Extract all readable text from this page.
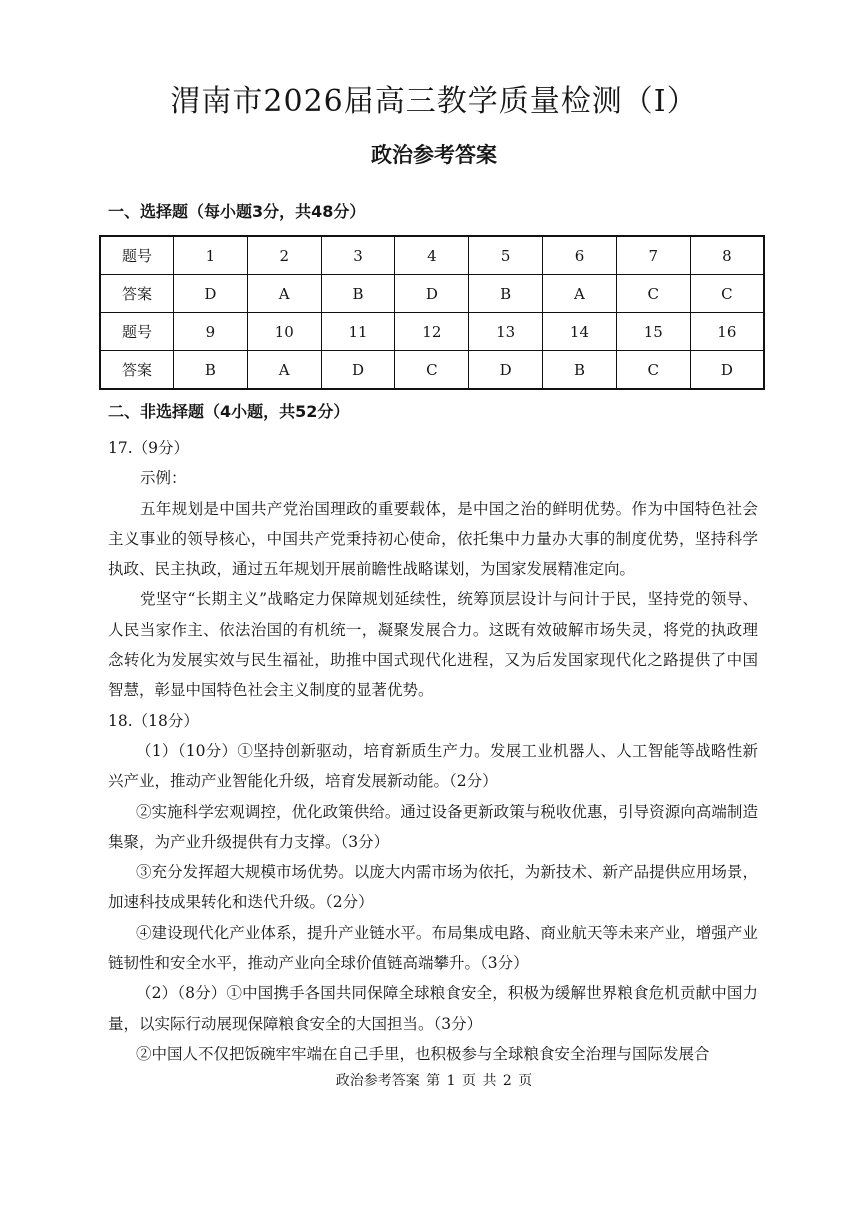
渭南市2026届高三教学质量检测（Ⅰ）
政治参考答案
一、选择题（每小题3分，共48分）
题号	1	2	3	4	5	6	7	8
答案	D	A	B	D	B	A	C	C
题号	9	10	11	12	13	14	15	16
答案	B	A	D	C	D	B	C	D
二、非选择题（4小题，共52分）

17.（9分）

示例：

五年规划是中国共产党治国理政的重要载体，是中国之治的鲜明优势。作为中国特色社会主义事业的领导核心，中国共产党秉持初心使命，依托集中力量办大事的制度优势，坚持科学执政、民主执政，通过五年规划开展前瞻性战略谋划，为国家发展精准定向。

党坚守“长期主义”战略定力保障规划延续性，统筹顶层设计与问计于民，坚持党的领导、人民当家作主、依法治国的有机统一，凝聚发展合力。这既有效破解市场失灵，将党的执政理念转化为发展实效与民生福祉，助推中国式现代化进程，又为后发国家现代化之路提供了中国智慧，彰显中国特色社会主义制度的显著优势。

18.（18分）

（1）（10分）①坚持创新驱动，培育新质生产力。发展工业机器人、人工智能等战略性新兴产业，推动产业智能化升级，培育发展新动能。（2分）

②实施科学宏观调控，优化政策供给。通过设备更新政策与税收优惠，引导资源向高端制造集聚，为产业升级提供有力支撑。（3分）

③充分发挥超大规模市场优势。以庞大内需市场为依托，为新技术、新产品提供应用场景，加速科技成果转化和迭代升级。（2分）

④建设现代化产业体系，提升产业链水平。布局集成电路、商业航天等未来产业，增强产业链韧性和安全水平，推动产业向全球价值链高端攀升。（3分）

（2）（8分）①中国携手各国共同保障全球粮食安全，积极为缓解世界粮食危机贡献中国力量，以实际行动展现保障粮食安全的大国担当。（3分）

②中国人不仅把饭碗牢牢端在自己手里，也积极参与全球粮食安全治理与国际发展合

政治参考答案 第 1 页 共 2 页
